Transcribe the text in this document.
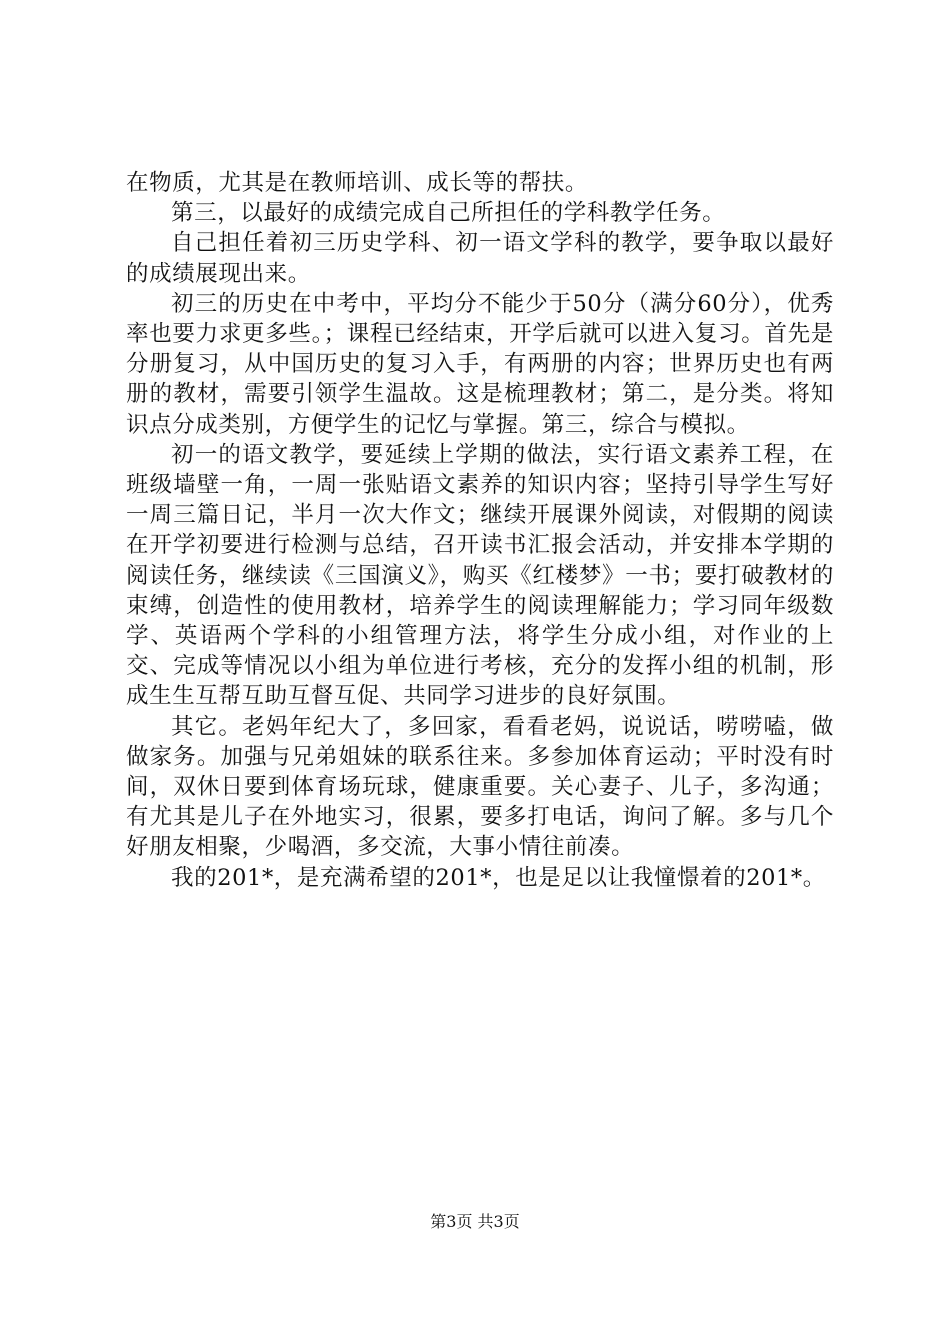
在物质，尤其是在教师培训、成长等的帮扶。

第三，以最好的成绩完成自己所担任的学科教学任务。

自己担任着初三历史学科、初一语文学科的教学，要争取以最好的成绩展现出来。

初三的历史在中考中，平均分不能少于50分（满分60分），优秀率也要力求更多些。；课程已经结束，开学后就可以进入复习。首先是分册复习，从中国历史的复习入手，有两册的内容；世界历史也有两册的教材，需要引领学生温故。这是梳理教材；第二，是分类。将知识点分成类别，方便学生的记忆与掌握。第三，综合与模拟。

初一的语文教学，要延续上学期的做法，实行语文素养工程，在班级墙壁一角，一周一张贴语文素养的知识内容；坚持引导学生写好一周三篇日记，半月一次大作文；继续开展课外阅读，对假期的阅读在开学初要进行检测与总结，召开读书汇报会活动，并安排本学期的阅读任务，继续读《三国演义》，购买《红楼梦》一书；要打破教材的束缚，创造性的使用教材，培养学生的阅读理解能力；学习同年级数学、英语两个学科的小组管理方法，将学生分成小组，对作业的上交、完成等情况以小组为单位进行考核，充分的发挥小组的机制，形成生生互帮互助互督互促、共同学习进步的良好氛围。

其它。老妈年纪大了，多回家，看看老妈，说说话，唠唠嗑，做做家务。加强与兄弟姐妹的联系往来。多参加体育运动；平时没有时间，双休日要到体育场玩球，健康重要。关心妻子、儿子，多沟通；有尤其是儿子在外地实习，很累，要多打电话，询问了解。多与几个好朋友相聚，少喝酒，多交流，大事小情往前凑。

我的201*，是充满希望的201*，也是足以让我憧憬着的201*。

第3页 共3页
